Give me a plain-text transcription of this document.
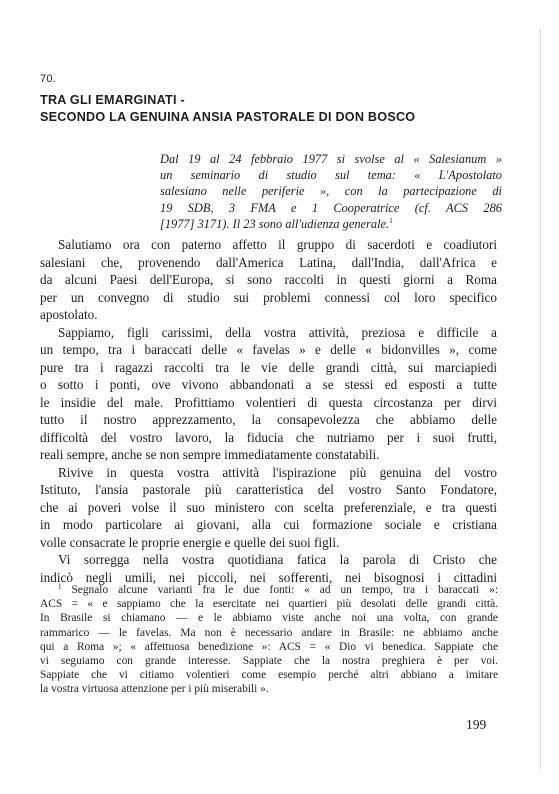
70.
TRA GLI EMARGINATI -
SECONDO LA GENUINA ANSIA PASTORALE DI DON BOSCO
Dal 19 al 24 febbraio 1977 si svolse al « Salesianum »
un seminario di studio sul tema: « L'Apostolato
salesiano nelle periferie », con la partecipazione di
19 SDB, 3 FMA e 1 Cooperatrice (cf. ACS 286
[1977] 3171). Il 23 sono all'udienza generale.$^1$
Salutiamo ora con paterno affetto il gruppo di sacerdoti e coadiutori
salesiani che, provenendo dall'America Latina, dall'India, dall'Africa e
da alcuni Paesi dell'Europa, si sono raccolti in questi giorni a Roma
per un convegno di studio sui problemi connessi col loro specifico
apostolato.
Sappiamo, figli carissimi, della vostra attività, preziosa e difficile a
un tempo, tra i baraccati delle « favelas » e delle « bidonvilles », come
pure tra i ragazzi raccolti tra le vie delle grandi città, sui marciapiedi
o sotto i ponti, ove vivono abbandonati a se stessi ed esposti a tutte
le insidie del male. Profittiamo volentieri di questa circostanza per dirvi
tutto il nostro apprezzamento, la consapevolezza che abbiamo delle
difficoltà del vostro lavoro, la fiducia che nutriamo per i suoi frutti,
reali sempre, anche se non sempre immediatamente constatabili.
Rivive in questa vostra attività l'ispirazione più genuina del vostro
Istituto, l'ansia pastorale più caratteristica del vostro Santo Fondatore,
che ai poveri volse il suo ministero con scelta preferenziale, e tra questi
in modo particolare ai giovani, alla cui formazione sociale e cristiana
volle consacrate le proprie energie e quelle dei suoi figli.
Vi sorregga nella vostra quotidiana fatica la parola di Cristo che
indicò negli umili, nei piccoli, nei sofferenti, nei bisognosi i cittadini
$^1$ Segnalo alcune varianti fra le due fonti: « ad un tempo, tra i baraccati »:
ACS = « e sappiamo che la esercitate nei quartieri più desolati delle grandi città.
In Brasile si chiamano — e le abbiamo viste anche noi una volta, con grande
rammarico — le favelas. Ma non è necessario andare in Brasile: ne abbiamo anche
qui a Roma »; « affettuosa benedizione »: ACS = « Dio vi benedica. Sappiate che
vi seguiamo con grande interesse. Sappiate che la nostra preghiera è per voi.
Sappiate che vi citiamo volentieri come esempio perché altri abbiano a imitare
la vostra virtuosa attenzione per i più miserabili ».
199
